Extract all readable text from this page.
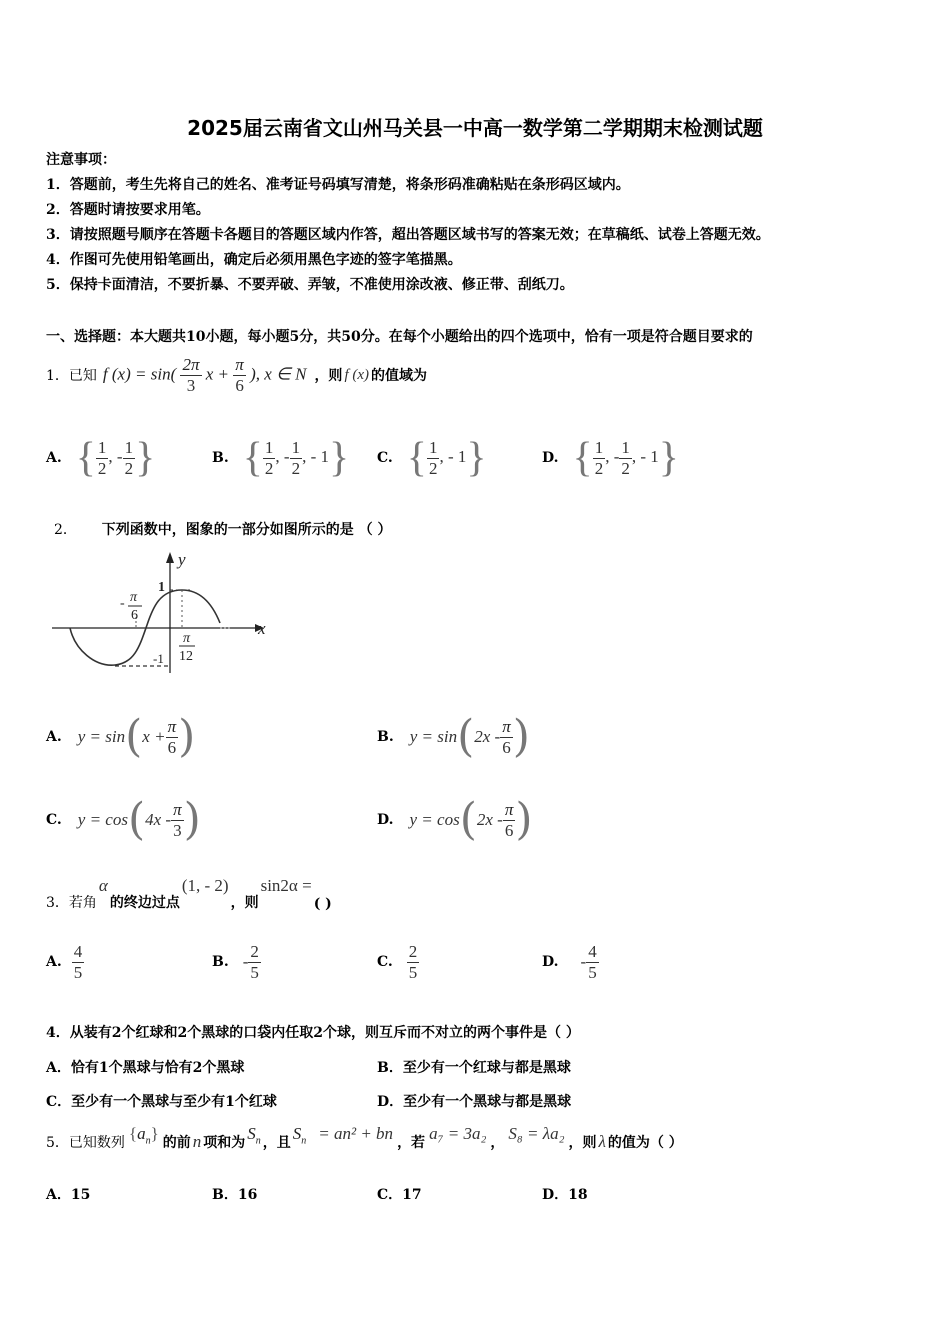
2025届云南省文山州马关县一中高一数学第二学期期末检测试题
注意事项：
1．答题前，考生先将自己的姓名、准考证号码填写清楚，将条形码准确粘贴在条形码区域内。
2．答题时请按要求用笔。
3．请按照题号顺序在答题卡各题目的答题区域内作答，超出答题区域书写的答案无效；在草稿纸、试卷上答题无效。
4．作图可先使用铅笔画出，确定后必须用黑色字迹的签字笔描黑。
5．保持卡面清洁，不要折暴、不要弄破、弄皱，不准使用涂改液、修正带、刮纸刀。
一、选择题：本大题共10小题，每小题5分，共50分。在每个小题给出的四个选项中，恰有一项是符合题目要求的
1．已知 f $(x) = \sin( \frac{2\pi}{3}$ $x + \frac{\pi}{6}$ ), x ∈ N ，则 f (x) 的值域为
A. { $\frac{1}{2}$ , - $\frac{1}{2}$ }	B. { $\frac{1}{2}$ , - $\frac{1}{2}$ , - 1} C. { $\frac{1}{2}$ , - 1}	D. { $\frac{1}{2}$ , - $\frac{1}{2}$ , - 1}
2． 下列函数中，图象的一部分如图所示的是 （ ）
y
x
1
-1
- π
6
π
12
A. y = sin ( $x + \frac{\pi}{6}$ )	B. y = sin ( $2x - \frac{\pi}{6}$ )
C. y = cos ( $4x - \frac{\pi}{3}$ )	D. y = cos ( $2x - \frac{\pi}{6}$ )
3．若角
α
的终边过点
(1, - 2)
，则
sin2α =
( )
A. $\frac{4}{5}$	B. - $\frac{2}{5}$	C. $\frac{2}{5}$	D. - $\frac{4}{5}$
4．从装有2个红球和2个黑球的口袋内任取2个球，则互斥而不对立的两个事件是（ ）
A．恰有1个黑球与恰有2个黑球	B．至少有一个红球与都是黑球
C．至少有一个黑球与至少有1个红球	D．至少有一个黑球与都是黑球
5．已知数列 $\{a_n\}$ 的前 n 项和为 $S_n$ ，且 $S_n = an^2$ + bn ，若 a₇ = 3a₂ ， S₈ = λa₂ ，则 λ 的值为（ ）
A．15	B．16	C．17	D．18
